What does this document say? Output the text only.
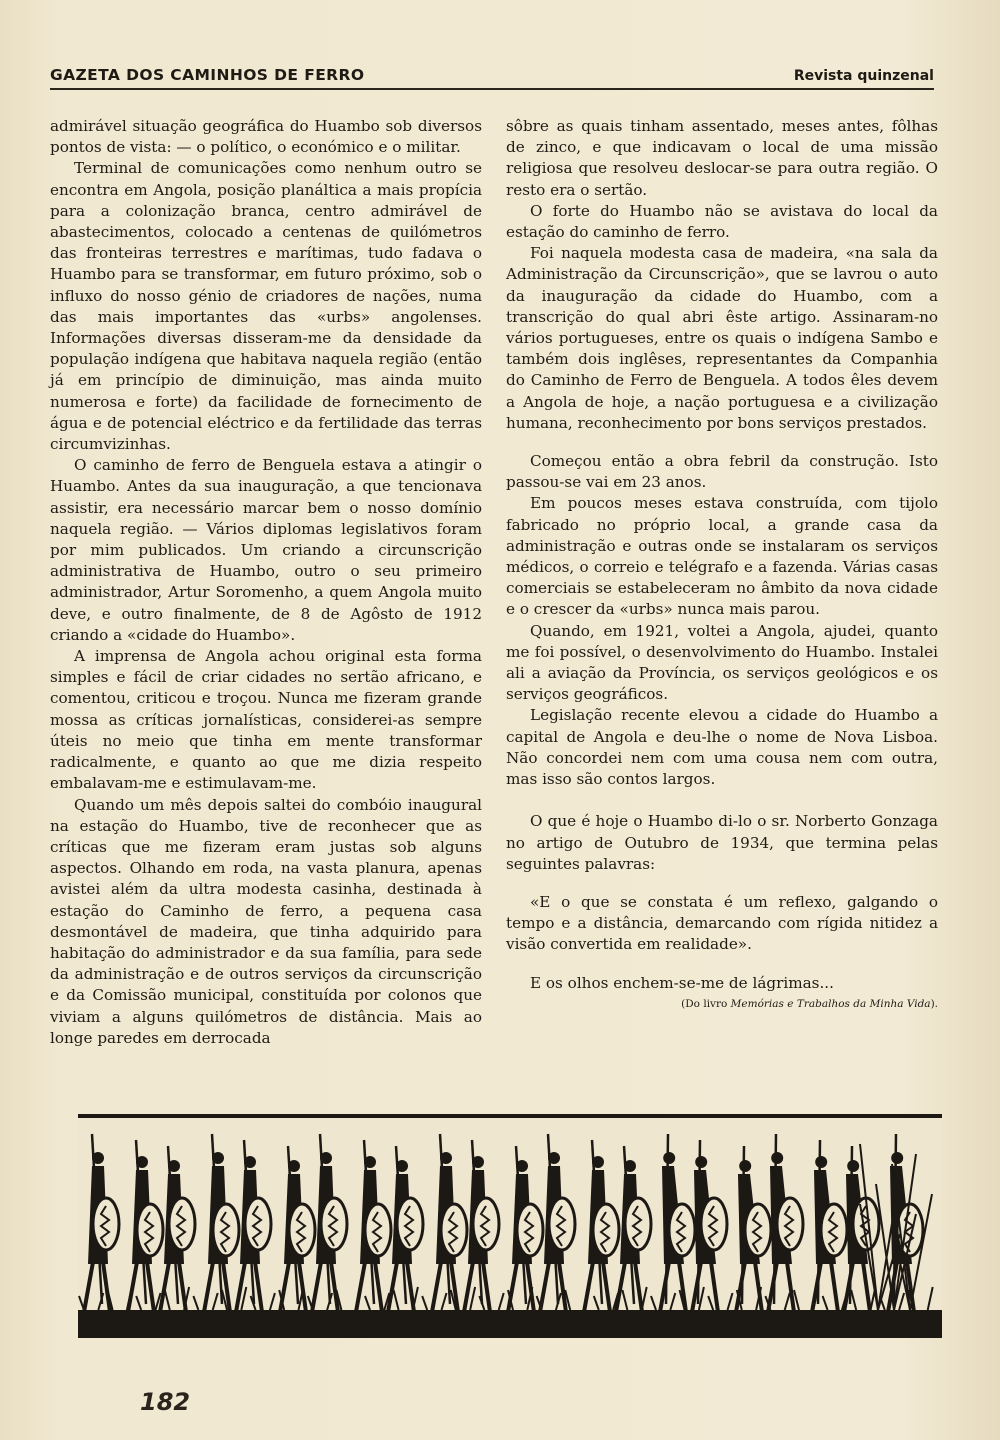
GAZETA DOS CAMINHOS DE FERRO	Revista quinzenal

admirável situação geográfica do Huambo sob diversos pontos de vista: — o político, o económico e o militar.

Terminal de comunicações como nenhum outro se encontra em Angola, posição planáltica a mais propícia para a colonização branca, centro admirável de abastecimentos, colocado a centenas de quilómetros das fronteiras terrestres e marítimas, tudo fadava o Huambo para se transformar, em futuro próximo, sob o influxo do nosso génio de criadores de nações, numa das mais importantes das «urbs» angolenses. Informações diversas disseram-me da densidade da população indígena que habitava naquela região (então já em princípio de diminuição, mas ainda muito numerosa e forte) da facilidade de fornecimento de água e de potencial eléctrico e da fertilidade das terras circumvizinhas.

O caminho de ferro de Benguela estava a atingir o Huambo. Antes da sua inauguração, a que tencionava assistir, era necessário marcar bem o nosso domínio naquela região. — Vários diplomas legislativos foram por mim publicados. Um criando a circunscrição administrativa de Huambo, outro o seu primeiro administrador, Artur Soromenho, a quem Angola muito deve, e outro finalmente, de 8 de Agôsto de 1912 criando a «cidade do Huambo».

A imprensa de Angola achou original esta forma simples e fácil de criar cidades no sertão africano, e comentou, criticou e troçou. Nunca me fizeram grande mossa as críticas jornalísticas, considerei-as sempre úteis no meio que tinha em mente transformar radicalmente, e quanto ao que me dizia respeito embalavam-me e estimulavam-me.

Quando um mês depois saltei do combóio inaugural na estação do Huambo, tive de reconhecer que as críticas que me fizeram eram justas sob alguns aspectos. Olhando em roda, na vasta planura, apenas avistei além da ultra modesta casinha, destinada à estação do Caminho de ferro, a pequena casa desmontável de madeira, que tinha adquirido para habitação do administrador e da sua família, para sede da administração e de outros serviços da circunscrição e da Comissão municipal, constituída por colonos que viviam a alguns quilómetros de distância. Mais ao longe paredes em derrocada

sôbre as quais tinham assentado, meses antes, fôlhas de zinco, e que indicavam o local de uma missão religiosa que resolveu deslocar-se para outra região. O resto era o sertão.

O forte do Huambo não se avistava do local da estação do caminho de ferro.

Foi naquela modesta casa de madeira, «na sala da Administração da Circunscrição», que se lavrou o auto da inauguração da cidade do Huambo, com a transcrição do qual abri êste artigo. Assinaram-no vários portugueses, entre os quais o indígena Sambo e também dois inglêses, representantes da Companhia do Caminho de Ferro de Benguela. A todos êles devem a Angola de hoje, a nação portuguesa e a civilização humana, reconhecimento por bons serviços prestados.

Começou então a obra febril da construção. Isto passou-se vai em 23 anos.

Em poucos meses estava construída, com tijolo fabricado no próprio local, a grande casa da administração e outras onde se instalaram os serviços médicos, o correio e telégrafo e a fazenda. Várias casas comerciais se estabeleceram no âmbito da nova cidade e o crescer da «urbs» nunca mais parou.

Quando, em 1921, voltei a Angola, ajudei, quanto me foi possível, o desenvolvimento do Huambo. Instalei ali a aviação da Província, os serviços geológicos e os serviços geográficos.

Legislação recente elevou a cidade do Huambo a capital de Angola e deu-lhe o nome de Nova Lisboa. Não concordei nem com uma cousa nem com outra, mas isso são contos largos.

O que é hoje o Huambo di-lo o sr. Norberto Gonzaga no artigo de Outubro de 1934, que termina pelas seguintes palavras:

«E o que se constata é um reflexo, galgando o tempo e a distância, demarcando com rígida nitidez a visão convertida em realidade».

E os olhos enchem-se-me de lágrimas...

(Do livro Memórias e Trabalhos da Minha Vida).

182
